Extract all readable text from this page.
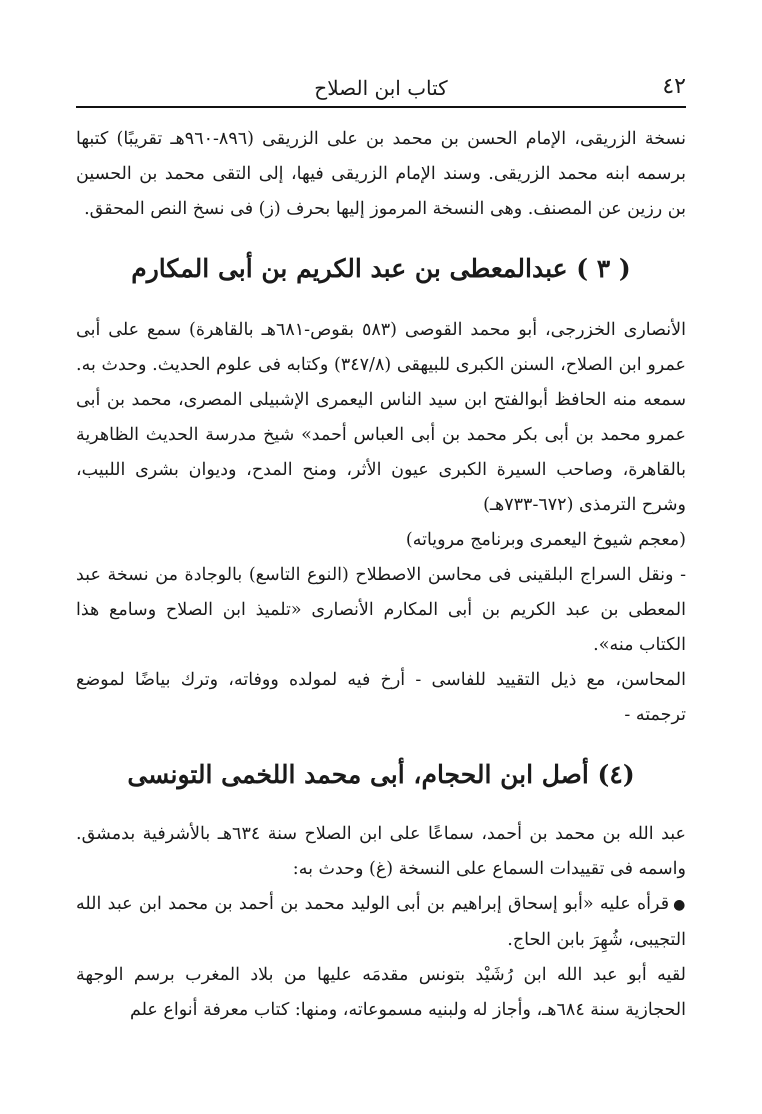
٤٢
كتاب ابن الصلاح

نسخة الزريقى، الإمام الحسن بن محمد بن على الزريقى (٨٩٦-٩٦٠هـ تقريبًا) كتبها برسمه ابنه محمد الزريقى. وسند الإمام الزريقى فيها، إلى التقى محمد بن الحسين بن رزين عن المصنف. وهى النسخة المرموز إليها بحرف (ز) فى نسخ النص المحقق.

( ٣ ) عبدالمعطى بن عبد الكريم بن أبى المكارم

الأنصارى الخزرجى، أبو محمد القوصى (٥٨٣ بقوص-٦٨١هـ بالقاهرة) سمع على أبى عمرو ابن الصلاح، السنن الكبرى للبيهقى (٣٤٧/٨) وكتابه فى علوم الحديث. وحدث به. سمعه منه الحافظ أبوالفتح ابن سيد الناس اليعمرى الإشبيلى المصرى، محمد بن أبى عمرو محمد بن أبى بكر محمد بن أبى العباس أحمد» شيخ مدرسة الحديث الظاهرية بالقاهرة، وصاحب السيرة الكبرى عيون الأثر، ومنح المدح، وديوان بشرى اللبيب، وشرح الترمذى (٦٧٢-٧٣٣هـ)

(معجم شيوخ اليعمرى وبرنامج مروياته)

- ونقل السراج البلقينى فى محاسن الاصطلاح (النوع التاسع) بالوجادة من نسخة عبد المعطى بن عبد الكريم بن أبى المكارم الأنصارى «تلميذ ابن الصلاح وسامع هذا الكتاب منه».

المحاسن، مع ذيل التقييد للفاسى - أرخ فيه لمولده ووفاته، وترك بياضًا لموضع ترجمته -

(٤) أصل ابن الحجام، أبى محمد اللخمى التونسى

عبد الله بن محمد بن أحمد، سماعًا على ابن الصلاح سنة ٦٣٤هـ بالأشرفية بدمشق. واسمه فى تقييدات السماع على النسخة (غ) وحدث به:

●قرأه عليه «أبو إسحاق إبراهيم بن أبى الوليد محمد بن أحمد بن محمد ابن عبد الله التجيبى، شُهِرَ بابن الحاج.

لقيه أبو عبد الله ابن رُشَيْد بتونس مقدمَه عليها من بلاد المغرب برسم الوجهة الحجازية سنة ٦٨٤هـ، وأجاز له ولبنيه مسموعاته، ومنها: كتاب معرفة أنواع علم
